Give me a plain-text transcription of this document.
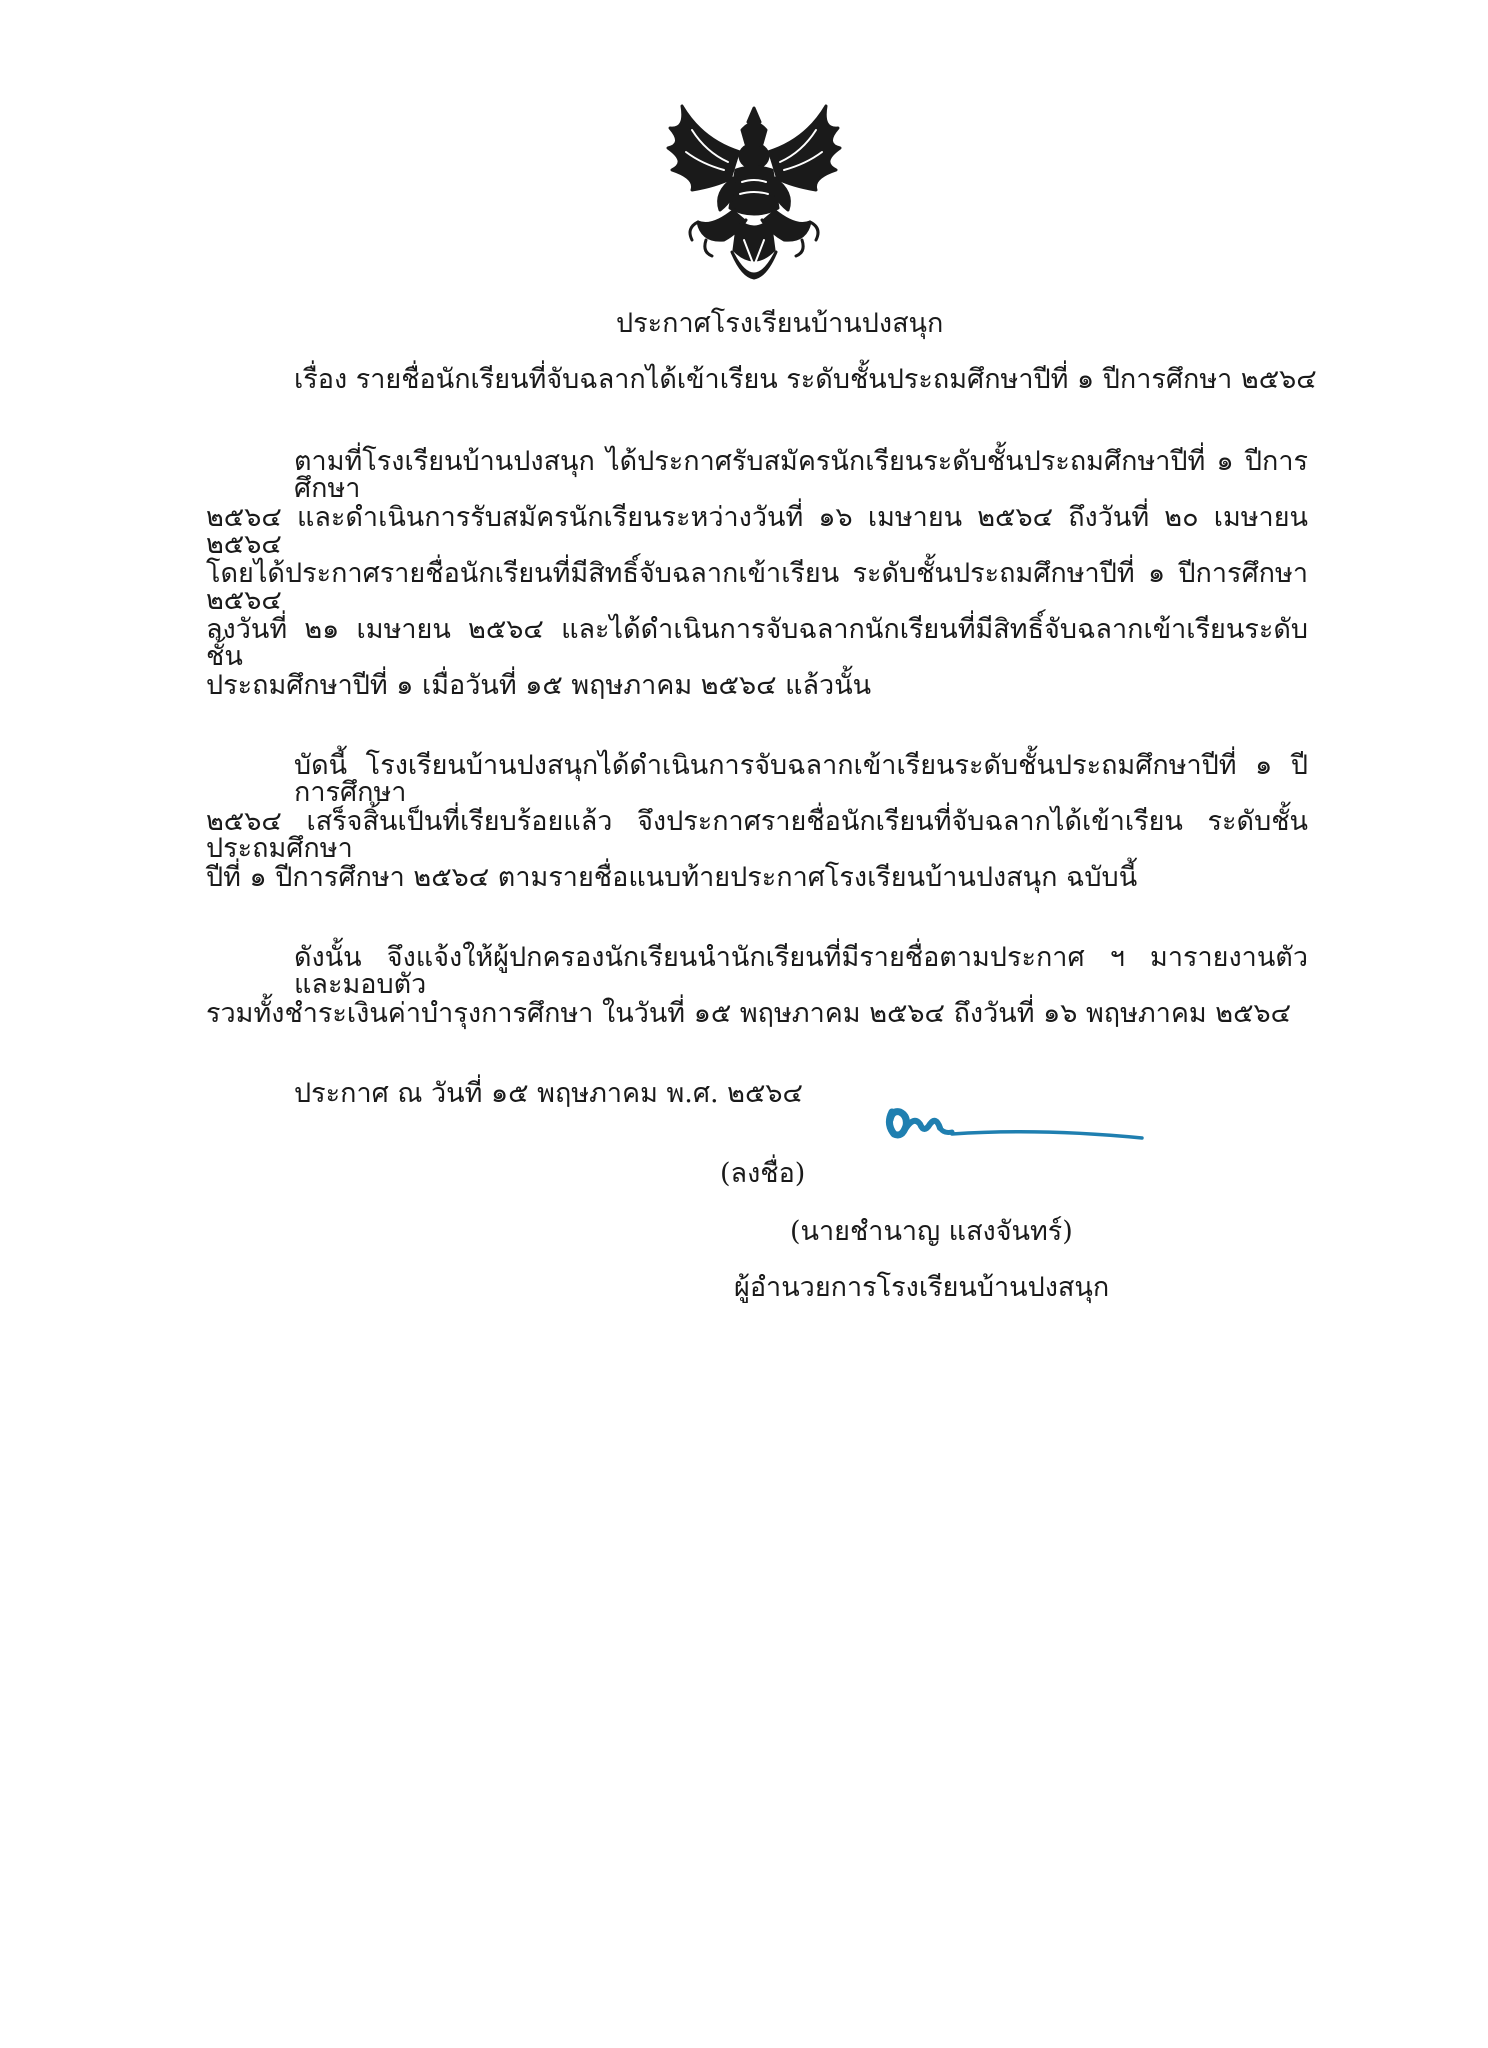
ประกาศโรงเรียนบ้านปงสนุก
เรื่อง รายชื่อนักเรียนที่จับฉลากได้เข้าเรียน ระดับชั้นประถมศึกษาปีที่ ๑ ปีการศึกษา ๒๕๖๔
ตามที่โรงเรียนบ้านปงสนุก ได้ประกาศรับสมัครนักเรียนระดับชั้นประถมศึกษาปีที่ ๑ ปีการศึกษา
๒๕๖๔ และดำเนินการรับสมัครนักเรียนระหว่างวันที่ ๑๖ เมษายน ๒๕๖๔ ถึงวันที่ ๒๐ เมษายน ๒๕๖๔
โดยได้ประกาศรายชื่อนักเรียนที่มีสิทธิ์จับฉลากเข้าเรียน ระดับชั้นประถมศึกษาปีที่ ๑ ปีการศึกษา ๒๕๖๔
ลงวันที่ ๒๑ เมษายน ๒๕๖๔ และได้ดำเนินการจับฉลากนักเรียนที่มีสิทธิ์จับฉลากเข้าเรียนระดับชั้น
ประถมศึกษาปีที่ ๑ เมื่อวันที่ ๑๕ พฤษภาคม ๒๕๖๔ แล้วนั้น
บัดนี้ โรงเรียนบ้านปงสนุกได้ดำเนินการจับฉลากเข้าเรียนระดับชั้นประถมศึกษาปีที่ ๑ ปีการศึกษา
๒๕๖๔ เสร็จสิ้นเป็นที่เรียบร้อยแล้ว จึงประกาศรายชื่อนักเรียนที่จับฉลากได้เข้าเรียน ระดับชั้นประถมศึกษา
ปีที่ ๑ ปีการศึกษา ๒๕๖๔ ตามรายชื่อแนบท้ายประกาศโรงเรียนบ้านปงสนุก ฉบับนี้
ดังนั้น จึงแจ้งให้ผู้ปกครองนักเรียนนำนักเรียนที่มีรายชื่อตามประกาศ ฯ มารายงานตัว และมอบตัว
รวมทั้งชำระเงินค่าบำรุงการศึกษา ในวันที่ ๑๕ พฤษภาคม ๒๕๖๔ ถึงวันที่ ๑๖ พฤษภาคม ๒๕๖๔
ประกาศ ณ วันที่ ๑๕ พฤษภาคม พ.ศ. ๒๕๖๔
(ลงชื่อ)
(นายชำนาญ แสงจันทร์)
ผู้อำนวยการโรงเรียนบ้านปงสนุก
